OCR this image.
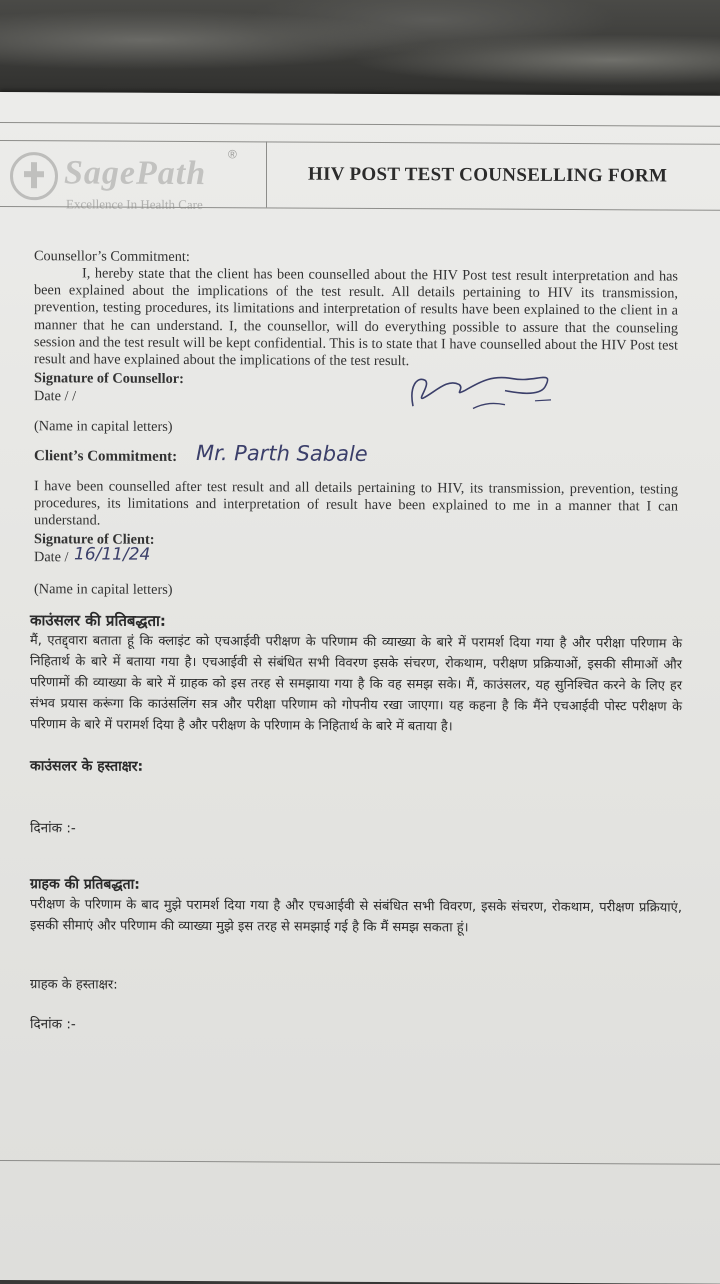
SagePath
®
Excellence In Health Care
HIV POST TEST COUNSELLING FORM
Counsellor’s Commitment:
I, hereby state that the client has been counselled about the HIV Post test result interpretation and has been explained about the implications of the test result. All details pertaining to HIV its transmission, prevention, testing procedures, its limitations and interpretation of results have been explained to the client in a manner that he can understand. I, the counsellor, will do everything possible to assure that the counseling session and the test result will be kept confidential. This is to state that I have counselled about the HIV Post test result and have explained about the implications of the test result.
Signature of Counsellor:
Date / /
(Name in capital letters)
Client’s Commitment: Mr. Parth Sabale
I have been counselled after test result and all details pertaining to HIV, its transmission, prevention, testing procedures, its limitations and interpretation of result have been explained to me in a manner that I can understand.
Signature of Client:
Date / 16/11/24
(Name in capital letters)
काउंसलर की प्रतिबद्धता:
मैं, एतद्द्वारा बताता हूं कि क्लाइंट को एचआईवी परीक्षण के परिणाम की व्याख्या के बारे में परामर्श दिया गया है और परीक्षा परिणाम के निहितार्थ के बारे में बताया गया है। एचआईवी से संबंधित सभी विवरण इसके संचरण, रोकथाम, परीक्षण प्रक्रियाओं, इसकी सीमाओं और परिणामों की व्याख्या के बारे में ग्राहक को इस तरह से समझाया गया है कि वह समझ सके। मैं, काउंसलर, यह सुनिश्चित करने के लिए हर संभव प्रयास करूंगा कि काउंसलिंग सत्र और परीक्षा परिणाम को गोपनीय रखा जाएगा। यह कहना है कि मैंने एचआईवी पोस्ट परीक्षण के परिणाम के बारे में परामर्श दिया है और परीक्षण के परिणाम के निहितार्थ के बारे में बताया है।
काउंसलर के हस्ताक्षर:
दिनांक :-
ग्राहक की प्रतिबद्धता:
परीक्षण के परिणाम के बाद मुझे परामर्श दिया गया है और एचआईवी से संबंधित सभी विवरण, इसके संचरण, रोकथाम, परीक्षण प्रक्रियाएं, इसकी सीमाएं और परिणाम की व्याख्या मुझे इस तरह से समझाई गई है कि मैं समझ सकता हूं।
ग्राहक के हस्ताक्षर:
दिनांक :-
